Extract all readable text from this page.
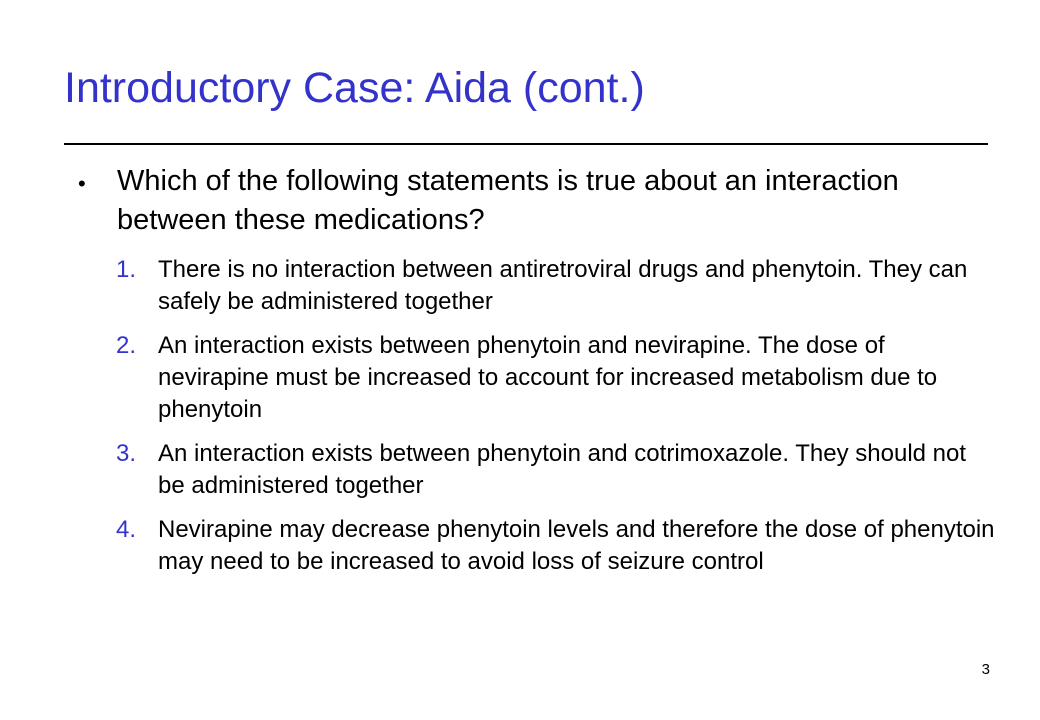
Introductory Case: Aida (cont.)
• Which of the following statements is true about an interaction between these medications?
1. There is no interaction between antiretroviral drugs and phenytoin. They can safely be administered together
2. An interaction exists between phenytoin and nevirapine. The dose of nevirapine must be increased to account for increased metabolism due to phenytoin
3. An interaction exists between phenytoin and cotrimoxazole. They should not be administered together
4. Nevirapine may decrease phenytoin levels and therefore the dose of phenytoin may need to be increased to avoid loss of seizure control
3
